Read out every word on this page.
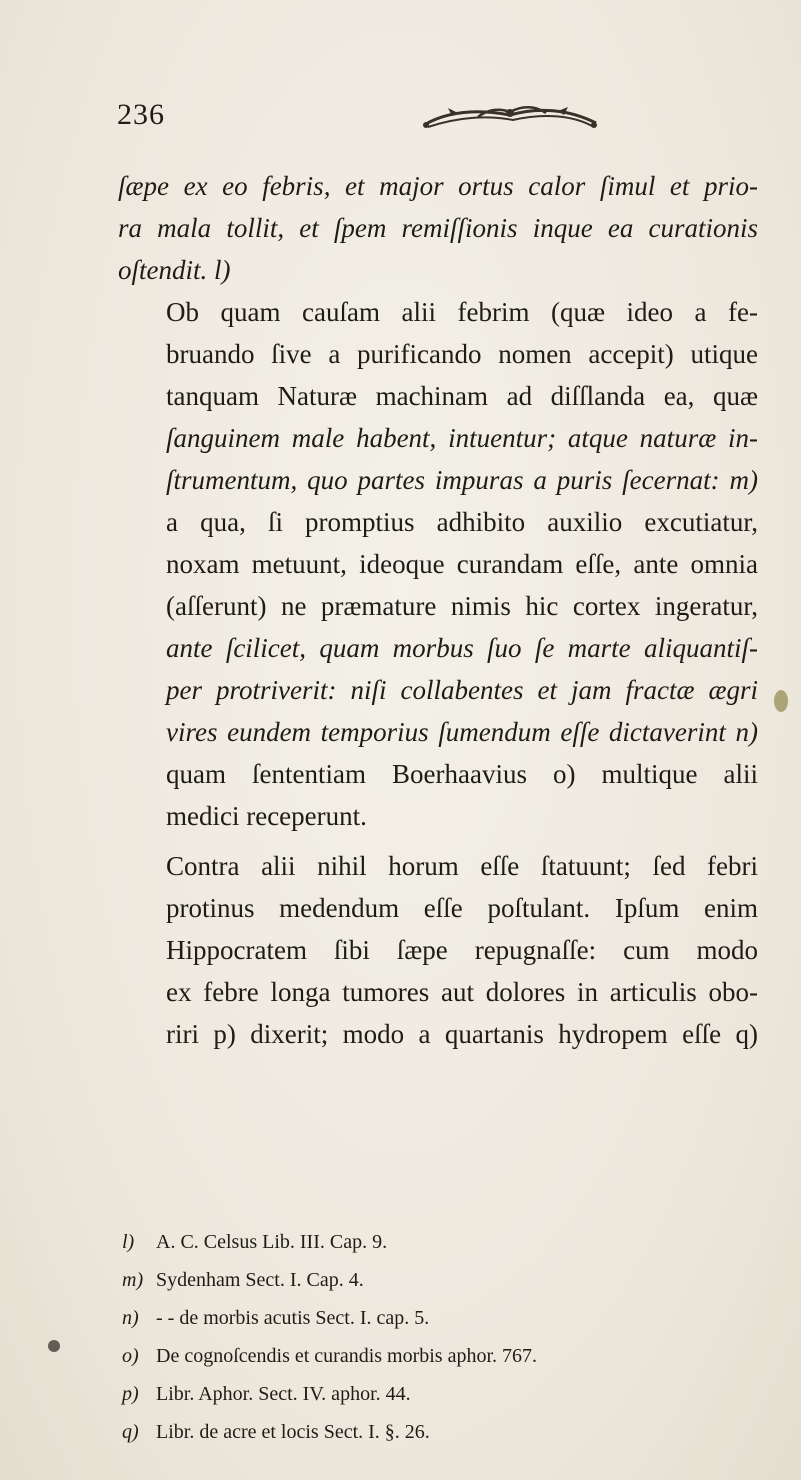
236

ſæpe ex eo febris, et major ortus calor ſimul et prio-
ra mala tollit, et ſpem remiſſionis inque ea curationis
oſtendit. l)

Ob quam cauſam alii febrim (quæ ideo a fe-
bruando ſive a purificando nomen accepit) utique
tanquam Naturæ machinam ad diſſlanda ea, quæ
ſanguinem male habent, intuentur; atque naturæ in-
ſtrumentum, quo partes impuras a puris ſecernat: m)
a qua, ſi promptius adhibito auxilio excutiatur,
noxam metuunt, ideoque curandam eſſe, ante omnia
(aſſerunt) ne præmature nimis hic cortex ingeratur,
ante ſcilicet, quam morbus ſuo ſe marte aliquantiſ-
per protriverit: niſi collabentes et jam fractæ ægri
vires eundem temporius ſumendum eſſe dictaverint n)
quam ſententiam Boerhaavius o) multique alii
medici receperunt.

Contra alii nihil horum eſſe ſtatuunt; ſed febri
protinus medendum eſſe poſtulant. Ipſum enim
Hippocratem ſibi ſæpe repugnaſſe: cum modo
ex febre longa tumores aut dolores in articulis obo-
riri p) dixerit; modo a quartanis hydropem eſſe q)

l)	A. C. Celsus Lib. III. Cap. 9.
m) Sydenham Sect. I. Cap. 4.
n) - - de morbis acutis Sect. I. cap. 5.
o) De cognoſcendis et curandis morbis aphor. 767.
p) Libr. Aphor. Sect. IV. aphor. 44.
q) Libr. de acre et locis Sect. I. §. 26.
